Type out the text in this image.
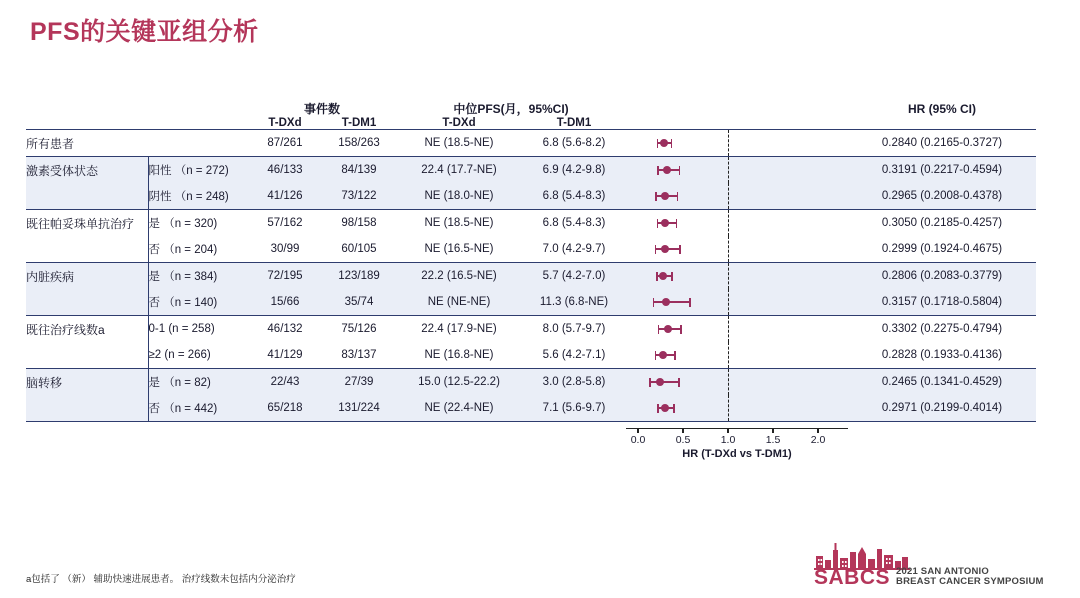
PFS的关键亚组分析
		事件数		中位PFS(月，95%CI)			HR (95% CI)
		T-DXd	T-DM1	T-DXd	T-DM1		
所有患者		87/261	158/263	NE (18.5-NE)	6.8 (5.6-8.2)		0.2840 (0.2165-0.3727)
激素受体状态	阳性 （n = 272)	46/133	84/139	22.4 (17.7-NE)	6.9 (4.2-9.8)		0.3191 (0.2217-0.4594)
	阴性 （n = 248)	41/126	73/122	NE (18.0-NE)	6.8 (5.4-8.3)		0.2965 (0.2008-0.4378)
既往帕妥珠单抗治疗	是 （n = 320)	57/162	98/158	NE (18.5-NE)	6.8 (5.4-8.3)		0.3050 (0.2185-0.4257)
	否 （n = 204)	30/99	60/105	NE (16.5-NE)	7.0 (4.2-9.7)		0.2999 (0.1924-0.4675)
内脏疾病	是 （n = 384)	72/195	123/189	22.2 (16.5-NE)	5.7 (4.2-7.0)		0.2806 (0.2083-0.3779)
	否 （n = 140)	15/66	35/74	NE (NE-NE)	11.3 (6.8-NE)		0.3157 (0.1718-0.5804)
既往治疗线数a	0-1 (n = 258)	46/132	75/126	22.4 (17.9-NE)	8.0 (5.7-9.7)		0.3302 (0.2275-0.4794)
	≥2 (n = 266)	41/129	83/137	NE (16.8-NE)	5.6 (4.2-7.1)		0.2828 (0.1933-0.4136)
脑转移	是 （n = 82)	22/43	27/39	15.0 (12.5-22.2)	3.0 (2.8-5.8)		0.2465 (0.1341-0.4529)
	否 （n = 442)	65/218	131/224	NE (22.4-NE)	7.1 (5.6-9.7)		0.2971 (0.2199-0.4014)
HR (T-DXd vs T-DM1)
0.0	0.5	1.0	1.5	2.0
a包括了 （新） 辅助快速进展患者。 治疗线数未包括内分泌治疗	SABCS 2021 SAN ANTONIO
BREAST CANCER SYMPOSIUM
